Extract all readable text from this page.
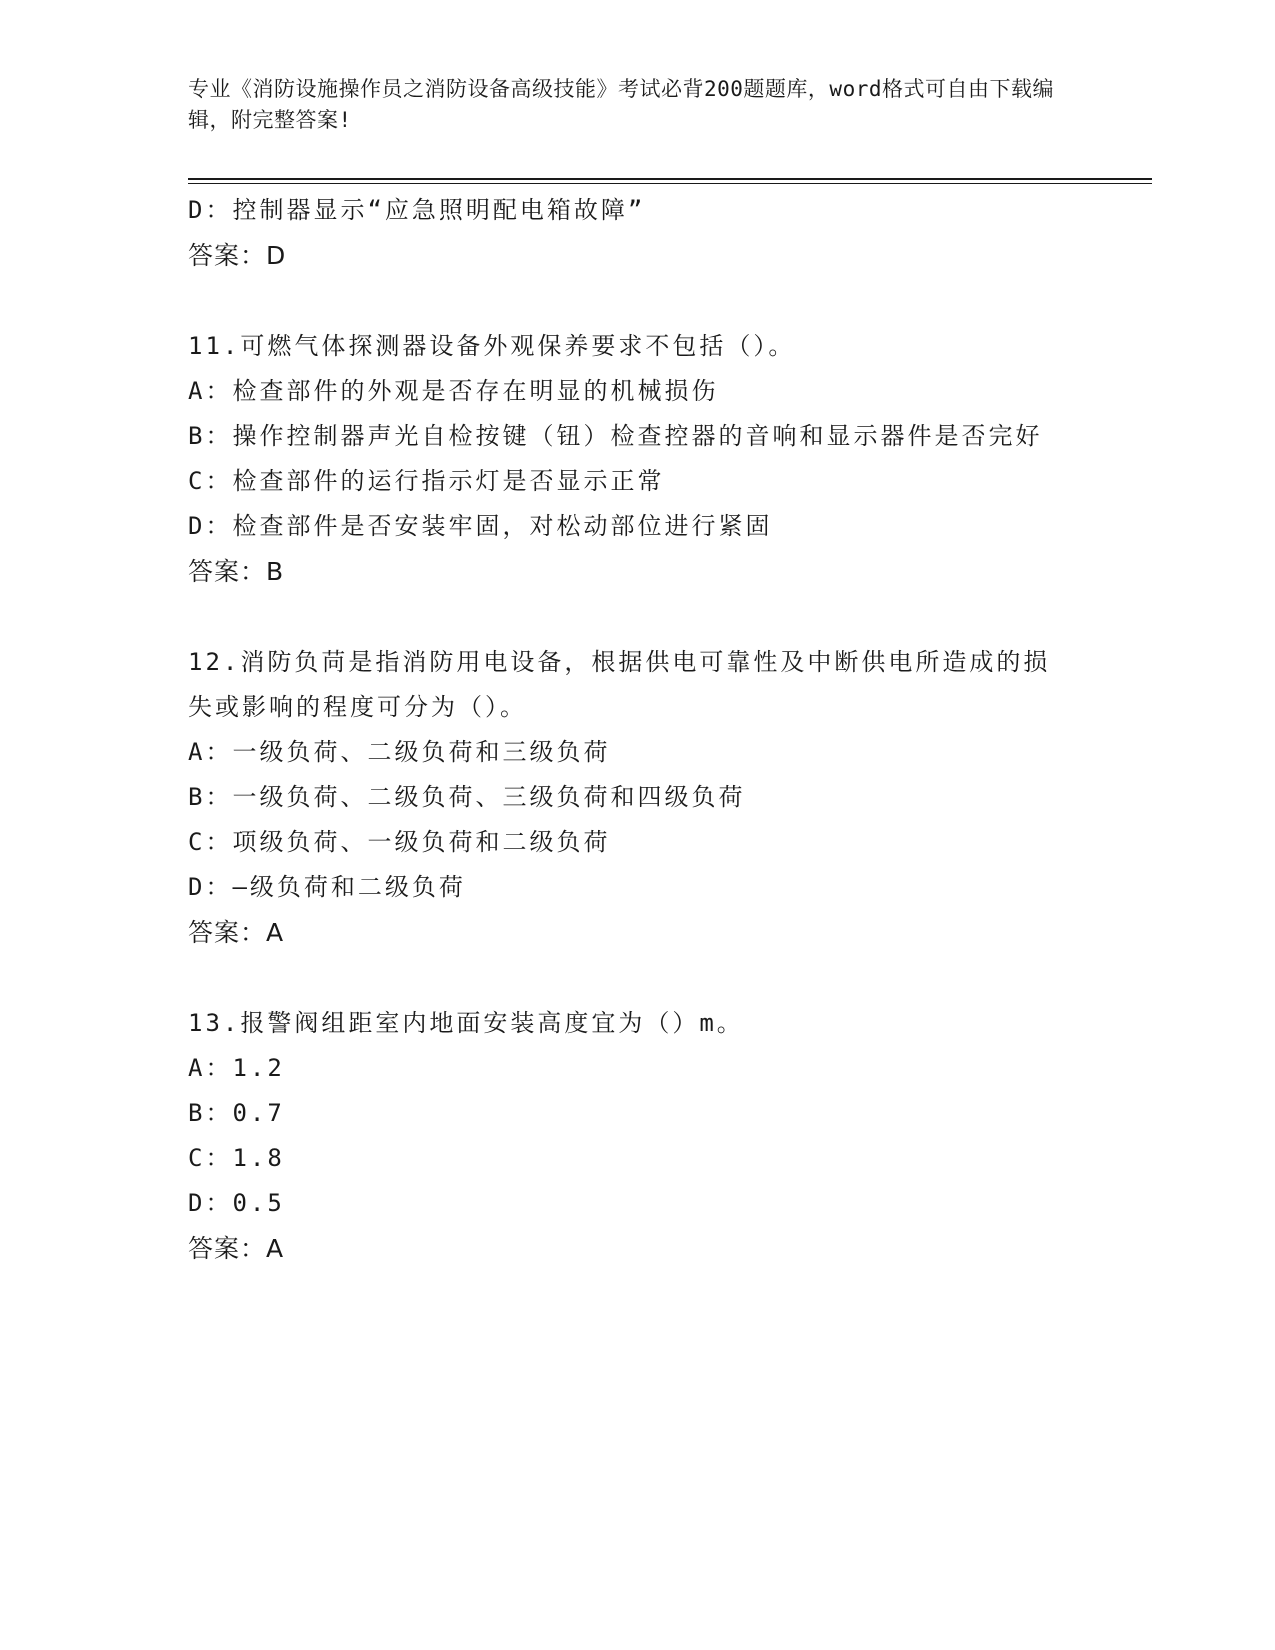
专业《消防设施操作员之消防设备高级技能》考试必背200题题库，word格式可自由下载编辑，附完整答案!
D：控制器显示“应急照明配电箱故障”
答案：D
11.可燃气体探测器设备外观保养要求不包括（）。
A：检查部件的外观是否存在明显的机械损伤
B：操作控制器声光自检按键（钮）检查控器的音响和显示器件是否完好
C：检查部件的运行指示灯是否显示正常
D：检查部件是否安装牢固，对松动部位进行紧固
答案：B
12.消防负苘是指消防用电设备，根据供电可靠性及中断供电所造成的损失或影响的程度可分为（）。
A：一级负荷、二级负荷和三级负荷
B：一级负荷、二级负荷、三级负荷和四级负荷
C：项级负荷、一级负荷和二级负荷
D：—级负荷和二级负荷
答案：A
13.报警阀组距室内地面安装高度宜为（）m。
A：1.2
B：0.7
C：1.8
D：0.5
答案：A
